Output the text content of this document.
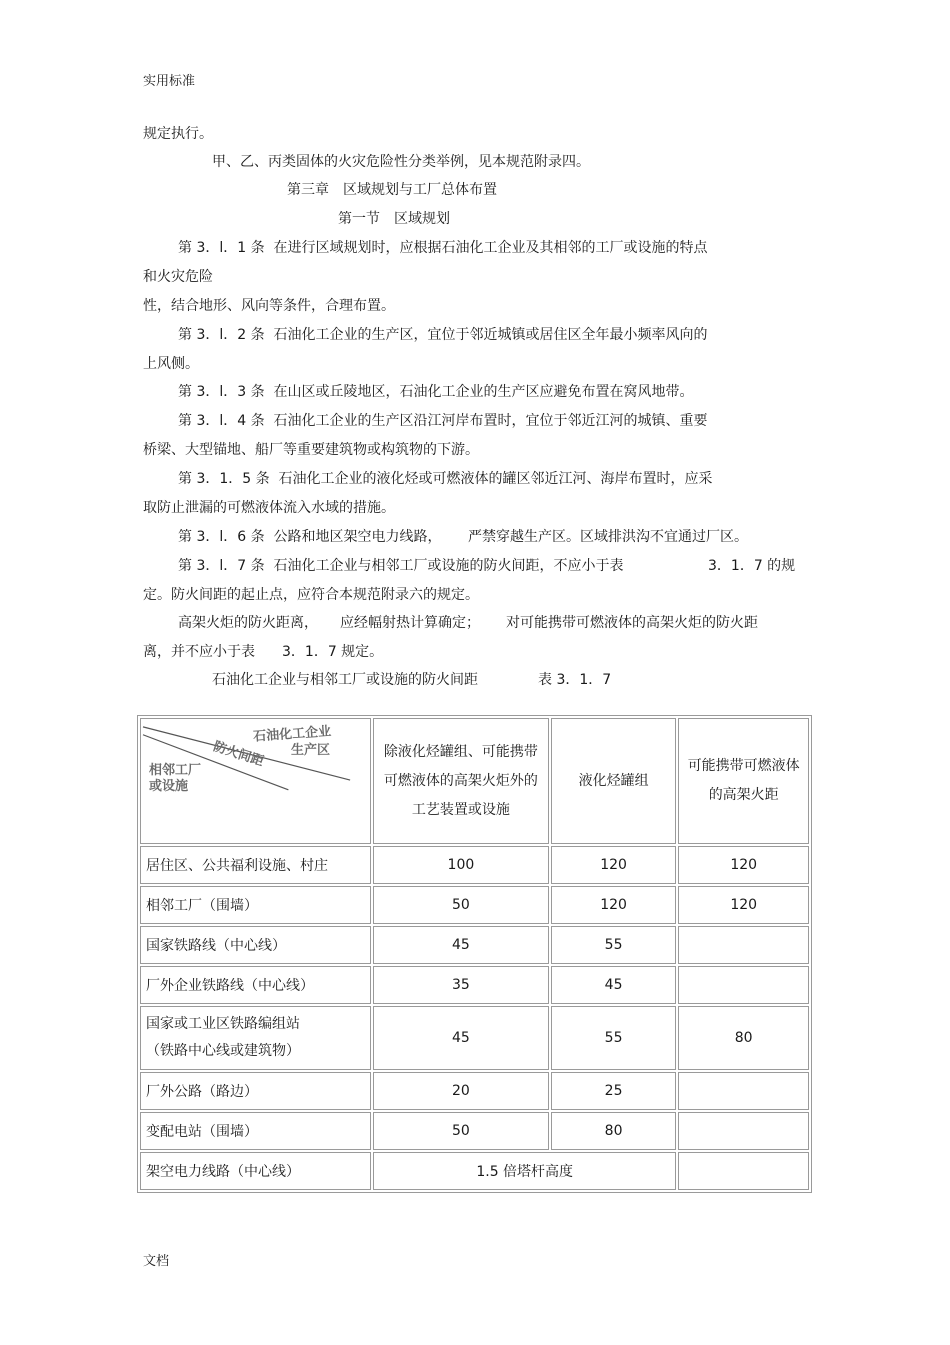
实用标准
规定执行。
甲、乙、丙类固体的火灾危险性分类举例，见本规范附录四。
第三章　区域规划与工厂总体布置
第一节　区域规划
第 3．l．1 条  在进行区域规划时，应根据石油化工企业及其相邻的工厂或设施的特点
和火灾危险
性，结合地形、风向等条件，合理布置。
第 3．l．2 条  石油化工企业的生产区，宜位于邻近城镇或居住区全年最小频率风向的
上风侧。
第 3．l．3 条  在山区或丘陵地区，石油化工企业的生产区应避免布置在窝风地带。
第 3．l．4 条  石油化工企业的生产区沿江河岸布置时，宜位于邻近江河的城镇、重要
桥梁、大型锚地、船厂等重要建筑物或构筑物的下游。
第 3．1．5 条  石油化工企业的液化烃或可燃液体的罐区邻近江河、海岸布置时，应采
取防止泄漏的可燃液体流入水域的措施。
第 3．l．6 条  公路和地区架空电力线路， 严禁穿越生产区。区域排洪沟不宜通过厂区。
第 3．l．7 条  石油化工企业与相邻工厂或设施的防火间距，不应小于表	3．1．7 的规
定。防火间距的起止点，应符合本规范附录六的规定。
高架火炬的防火距离， 应经幅射热计算确定； 对可能携带可燃液体的高架火炬的防火距
离，并不应小于表 3．1．7 规定。
石油化工企业与相邻工厂或设施的防火间距	表 3．1．7
石油化工企业
生产区
防火间距
相邻工厂
或设施	除液化烃罐组、可能携带可燃液体的高架火炬外的工艺装置或设施	液化烃罐组	可能携带可燃液体的高架火距
居住区、公共福利设施、村庄	100	120	120
相邻工厂（围墙）	50	120	120
国家铁路线（中心线）	45	55	
厂外企业铁路线（中心线）	35	45	

国家或工业区铁路编组站
（铁路中心线或建筑物）	45	55	80
厂外公路（路边）	20	25	
变配电站（围墙）	50	80	
架空电力线路（中心线）	1.5 倍塔杆高度		
文档
